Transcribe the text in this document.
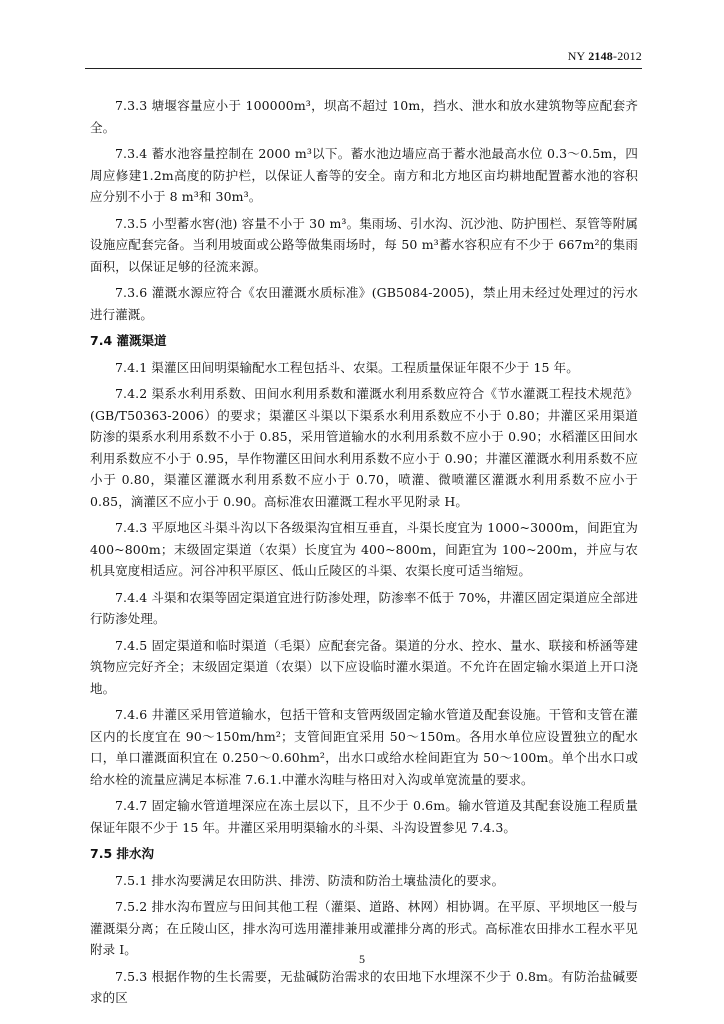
NY 2148-2012

7.3.3 塘堰容量应小于 100000m³，坝高不超过 10m，挡水、泄水和放水建筑物等应配套齐全。

7.3.4 蓄水池容量控制在 2000 m³以下。蓄水池边墙应高于蓄水池最高水位 0.3～0.5m，四周应修建1.2m高度的防护栏，以保证人畜等的安全。南方和北方地区亩均耕地配置蓄水池的容积应分别不小于 8 m³和 30m³。

7.3.5 小型蓄水窖(池) 容量不小于 30 m³。集雨场、引水沟、沉沙池、防护围栏、泵管等附属设施应配套完备。当利用坡面或公路等做集雨场时，每 50 m³蓄水容积应有不少于 667m²的集雨面积，以保证足够的径流来源。

7.3.6 灌溉水源应符合《农田灌溉水质标准》(GB5084-2005)，禁止用未经过处理过的污水进行灌溉。

7.4 灌溉渠道

7.4.1 渠灌区田间明渠输配水工程包括斗、农渠。工程质量保证年限不少于 15 年。

7.4.2 渠系水利用系数、田间水利用系数和灌溉水利用系数应符合《节水灌溉工程技术规范》(GB/T50363-2006）的要求；渠灌区斗渠以下渠系水利用系数应不小于 0.80；井灌区采用渠道防渗的渠系水利用系数不小于 0.85，采用管道输水的水利用系数不应小于 0.90；水稻灌区田间水利用系数应不小于 0.95，旱作物灌区田间水利用系数不应小于 0.90；井灌区灌溉水利用系数不应小于 0.80，渠灌区灌溉水利用系数不应小于 0.70，喷灌、微喷灌区灌溉水利用系数不应小于 0.85，滴灌区不应小于 0.90。高标准农田灌溉工程水平见附录 H。

7.4.3 平原地区斗渠斗沟以下各级渠沟宜相互垂直，斗渠长度宜为 1000~3000m，间距宜为 400~800m；末级固定渠道（农渠）长度宜为 400~800m，间距宜为 100~200m，并应与农机具宽度相适应。河谷冲积平原区、低山丘陵区的斗渠、农渠长度可适当缩短。

7.4.4 斗渠和农渠等固定渠道宜进行防渗处理，防渗率不低于 70%，井灌区固定渠道应全部进行防渗处理。

7.4.5 固定渠道和临时渠道（毛渠）应配套完备。渠道的分水、控水、量水、联接和桥涵等建筑物应完好齐全；末级固定渠道（农渠）以下应设临时灌水渠道。不允许在固定输水渠道上开口浇地。

7.4.6 井灌区采用管道输水，包括干管和支管两级固定输水管道及配套设施。干管和支管在灌区内的长度宜在 90～150m/hm²；支管间距宜采用 50～150m。各用水单位应设置独立的配水口，单口灌溉面积宜在 0.250～0.60hm²，出水口或给水栓间距宜为 50～100m。单个出水口或给水栓的流量应满足本标准 7.6.1.中灌水沟畦与格田对入沟或单宽流量的要求。

7.4.7 固定输水管道埋深应在冻土层以下，且不少于 0.6m。输水管道及其配套设施工程质量保证年限不少于 15 年。井灌区采用明渠输水的斗渠、斗沟设置参见 7.4.3。

7.5 排水沟

7.5.1 排水沟要满足农田防洪、排涝、防渍和防治土壤盐渍化的要求。

7.5.2 排水沟布置应与田间其他工程（灌渠、道路、林网）相协调。在平原、平坝地区一般与灌溉渠分离；在丘陵山区，排水沟可选用灌排兼用或灌排分离的形式。高标准农田排水工程水平见附录 I。

7.5.3 根据作物的生长需要，无盐碱防治需求的农田地下水埋深不少于 0.8m。有防治盐碱要求的区

5
